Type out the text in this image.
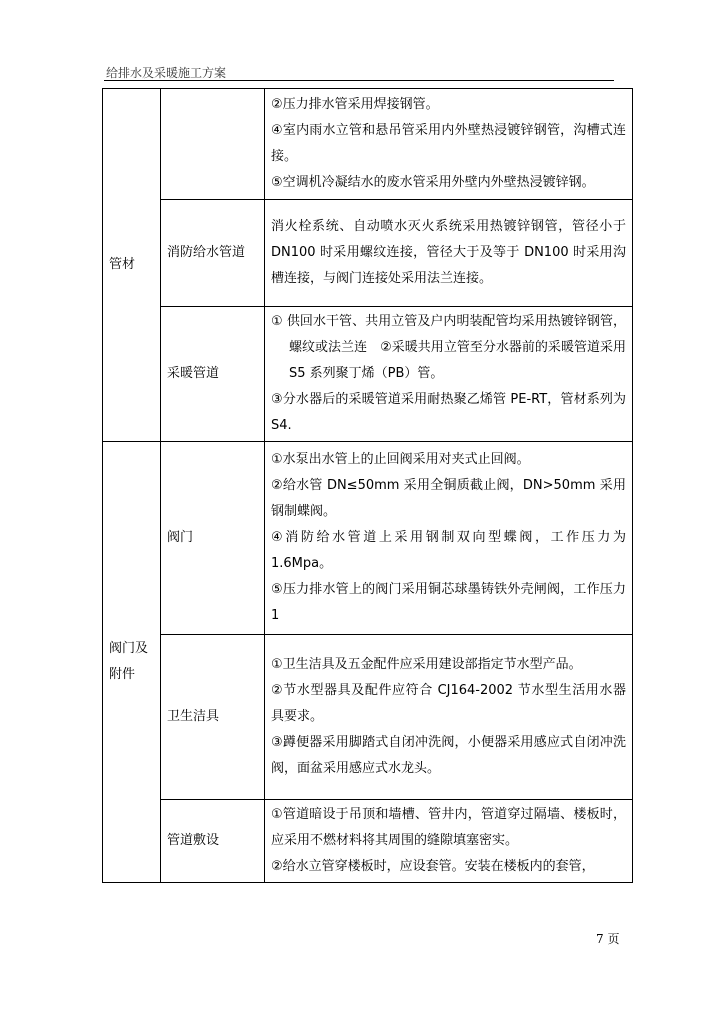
给排水及采暖施工方案
管材		②压力排水管采用焊接钢管。
④室内雨水立管和悬吊管采用内外壁热浸镀锌钢管，沟槽式连接。
⑤空调机冷凝结水的废水管采用外壁内外壁热浸镀锌钢。

	消防给水管道	消火栓系统、自动喷水灭火系统采用热镀锌钢管，管径小于 DN100 时采用螺纹连接，管径大于及等于 DN100 时采用沟槽连接，与阀门连接处采用法兰连接。

	采暖管道	① 供回水干管、共用立管及户内明装配管均采用热镀锌钢管，螺纹或法兰连　②采暖共用立管至分水器前的采暖管道采用 S5 系列聚丁烯（PB）管。
③分水器后的采暖管道采用耐热聚乙烯管 PE-RT，管材系列为 S4.

阀门及附件	阀门	①水泵出水管上的止回阀采用对夹式止回阀。
②给水管 DN≤50mm 采用全铜质截止阀，DN>50mm 采用钢制蝶阀。
④消防给水管道上采用钢制双向型蝶阀，工作压力为 1.6Mpa。
⑤压力排水管上的阀门采用铜芯球墨铸铁外壳闸阀，工作压力 1

	卫生洁具	①卫生洁具及五金配件应采用建设部指定节水型产品。
②节水型器具及配件应符合 CJ164-2002 节水型生活用水器具要求。
③蹲便器采用脚踏式自闭冲洗阀，小便器采用感应式自闭冲洗阀，面盆采用感应式水龙头。

	管道敷设	①管道暗设于吊顶和墙槽、管井内，管道穿过隔墙、楼板时，应采用不燃材料将其周围的缝隙填塞密实。
②给水立管穿楼板时，应设套管。安装在楼板内的套管，
7 页
